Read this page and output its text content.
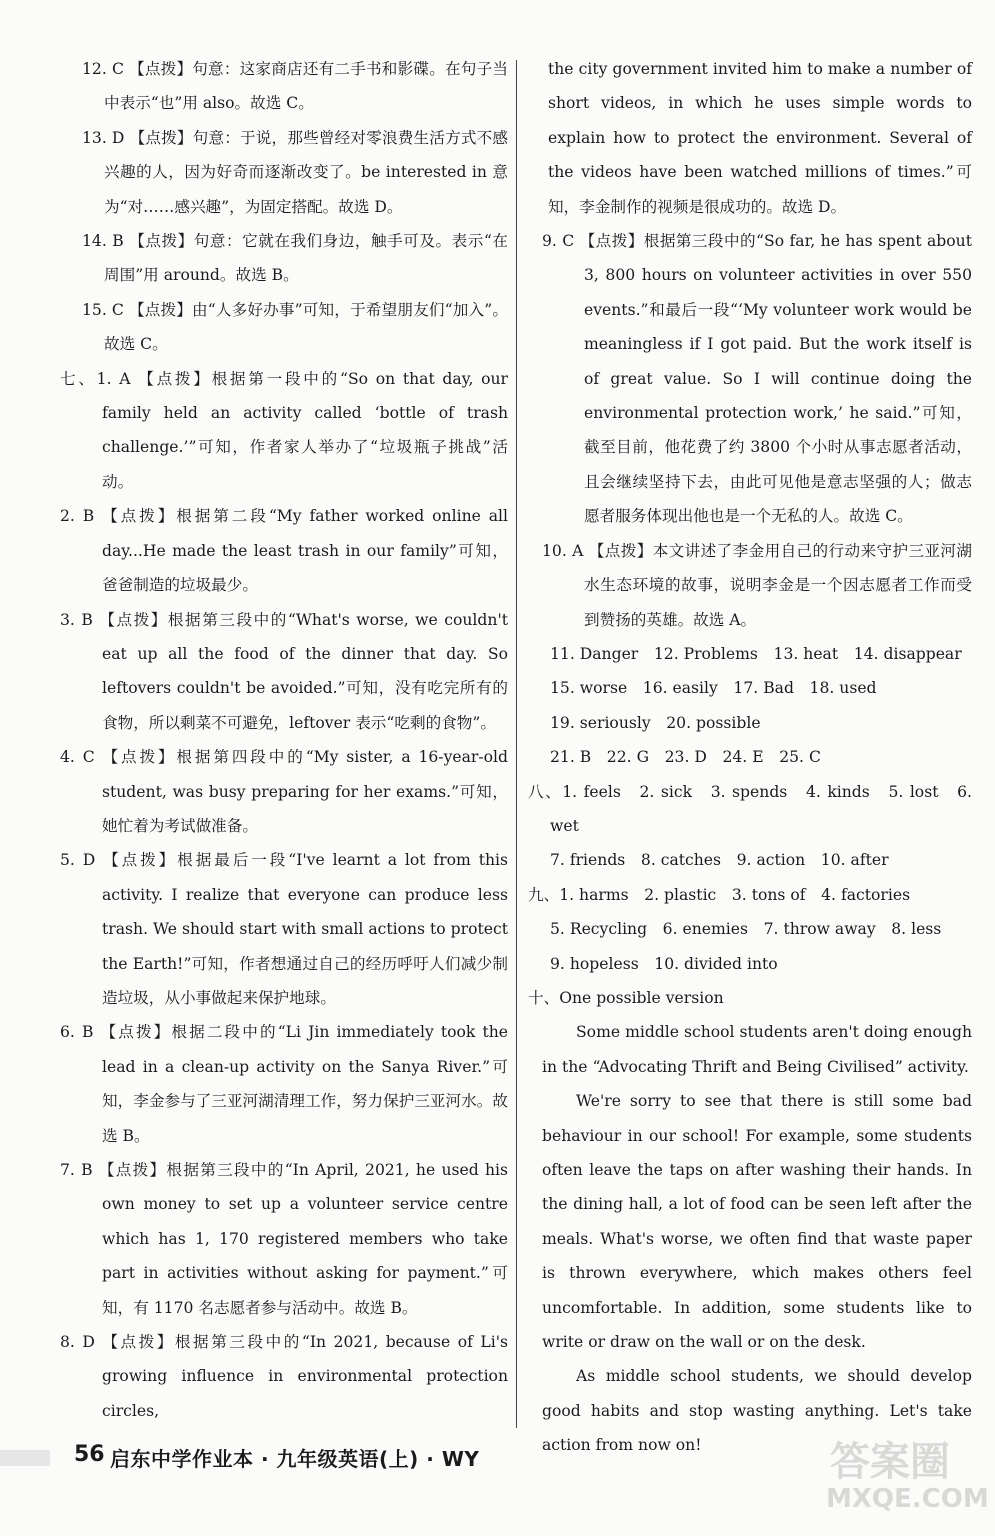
12. C 【点拨】句意：这家商店还有二手书和影碟。在句子当中表示“也”用 also。故选 C。

13. D 【点拨】句意：于说，那些曾经对零浪费生活方式不感兴趣的人，因为好奇而逐渐改变了。be interested in 意为“对……感兴趣”，为固定搭配。故选 D。

14. B 【点拨】句意：它就在我们身边，触手可及。表示“在周围”用 around。故选 B。

15. C 【点拨】由“人多好办事”可知，于希望朋友们“加入”。故选 C。

七、1. A 【点拨】根据第一段中的“So on that day, our family held an activity called ‘bottle of trash challenge.’”可知，作者家人举办了“垃圾瓶子挑战”活动。

2. B 【点拨】根据第二段“My father worked online all day...He made the least trash in our family”可知，爸爸制造的垃圾最少。

3. B 【点拨】根据第三段中的“What's worse, we couldn't eat up all the food of the dinner that day. So leftovers couldn't be avoided.”可知，没有吃完所有的食物，所以剩菜不可避免，leftover 表示“吃剩的食物”。

4. C 【点拨】根据第四段中的“My sister, a 16-year-old student, was busy preparing for her exams.”可知，她忙着为考试做准备。

5. D 【点拨】根据最后一段“I've learnt a lot from this activity. I realize that everyone can produce less trash. We should start with small actions to protect the Earth!”可知，作者想通过自己的经历呼吁人们减少制造垃圾，从小事做起来保护地球。

6. B 【点拨】根据二段中的“Li Jin immediately took the lead in a clean-up activity on the Sanya River.”可知，李金参与了三亚河湖清理工作，努力保护三亚河水。故选 B。

7. B 【点拨】根据第三段中的“In April, 2021, he used his own money to set up a volunteer service centre which has 1, 170 registered members who take part in activities without asking for payment.”可知，有 1170 名志愿者参与活动中。故选 B。

8. D 【点拨】根据第三段中的“In 2021, because of Li's growing influence in environmental protection circles,

the city government invited him to make a number of short videos, in which he uses simple words to explain how to protect the environment. Several of the videos have been watched millions of times.”可知，李金制作的视频是很成功的。故选 D。

9. C 【点拨】根据第三段中的“So far, he has spent about 3, 800 hours on volunteer activities in over 550 events.”和最后一段“‘My volunteer work would be meaningless if I got paid. But the work itself is of great value. So I will continue doing the environmental protection work,’ he said.”可知，截至目前，他花费了约 3800 个小时从事志愿者活动，且会继续坚持下去，由此可见他是意志坚强的人；做志愿者服务体现出他也是一个无私的人。故选 C。

10. A 【点拨】本文讲述了李金用自己的行动来守护三亚河湖水生态环境的故事，说明李金是一个因志愿者工作而受到赞扬的英雄。故选 A。

11. Danger　12. Problems　13. heat　14. disappear

15. worse　16. easily　17. Bad　18. used

19. seriously　20. possible

21. B　22. G　23. D　24. E　25. C

八、1. feels　2. sick　3. spends　4. kinds　5. lost　6. wet

7. friends　8. catches　9. action　10. after

九、1. harms　2. plastic　3. tons of　4. factories

5. Recycling　6. enemies　7. throw away　8. less

9. hopeless　10. divided into

十、One possible version

Some middle school students aren't doing enough in the “Advocating Thrift and Being Civilised” activity.

We're sorry to see that there is still some bad behaviour in our school! For example, some students often leave the taps on after washing their hands. In the dining hall, a lot of food can be seen left after the meals. What's worse, we often find that waste paper is thrown everywhere, which makes others feel uncomfortable. In addition, some students like to write or draw on the wall or on the desk.

As middle school students, we should develop good habits and stop wasting anything. Let's take action from now on!

56 启东中学作业本 · 九年级英语(上) · WY	答案圈
MXQE.COM
